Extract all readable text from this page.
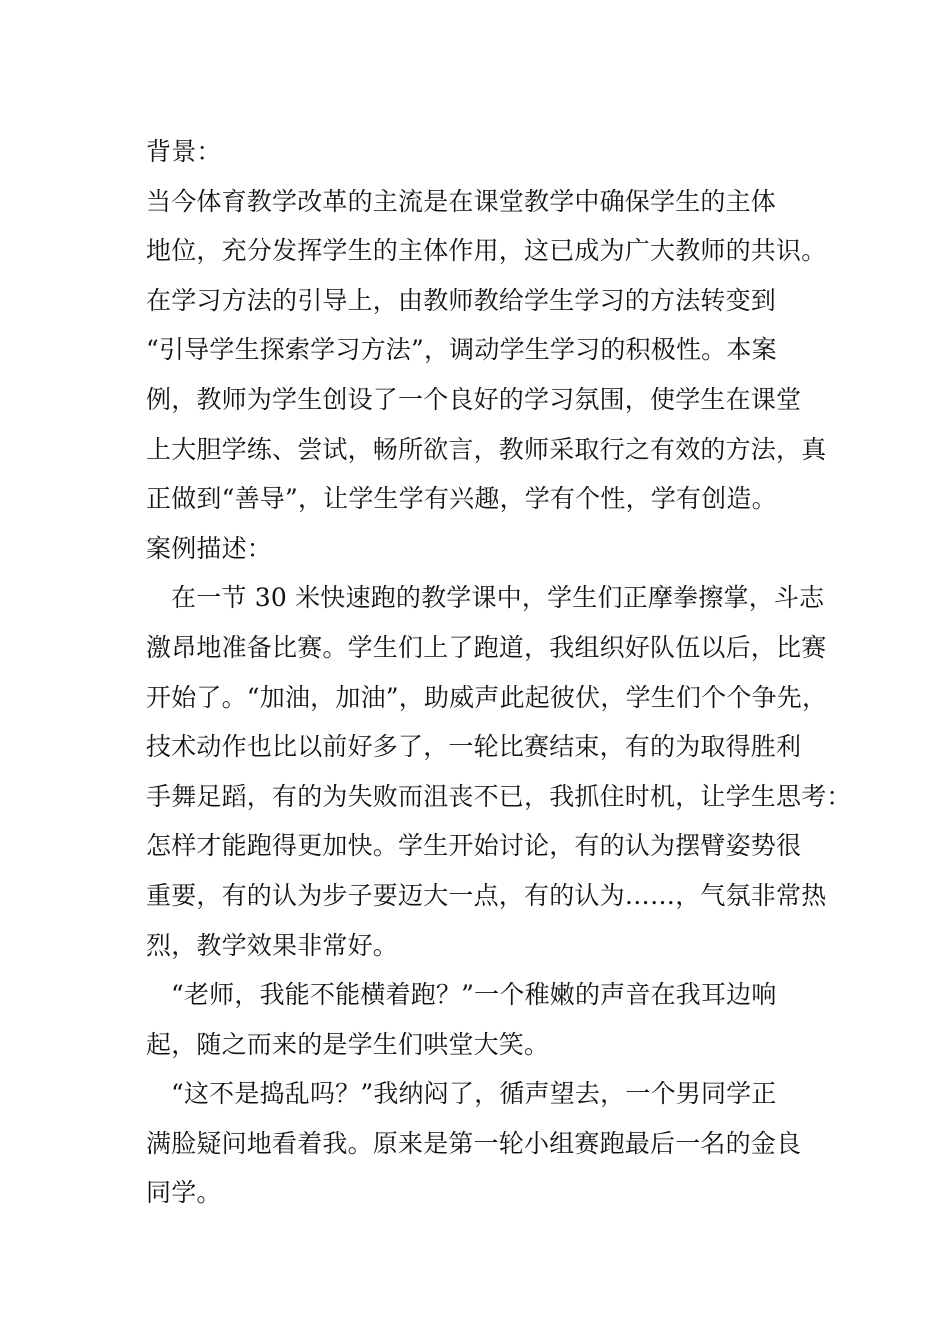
背景：
当今体育教学改革的主流是在课堂教学中确保学生的主体
地位，充分发挥学生的主体作用，这已成为广大教师的共识。
在学习方法的引导上，由教师教给学生学习的方法转变到
“引导学生探索学习方法”，调动学生学习的积极性。本案
例，教师为学生创设了一个良好的学习氛围，使学生在课堂
上大胆学练、尝试，畅所欲言，教师采取行之有效的方法，真
正做到“善导”，让学生学有兴趣，学有个性，学有创造。
案例描述：
在一节 30 米快速跑的教学课中，学生们正摩拳擦掌，斗志
激昂地准备比赛。学生们上了跑道，我组织好队伍以后，比赛
开始了。“加油，加油”，助威声此起彼伏，学生们个个争先，
技术动作也比以前好多了，一轮比赛结束，有的为取得胜利
手舞足蹈，有的为失败而沮丧不已，我抓住时机，让学生思考：
怎样才能跑得更加快。学生开始讨论，有的认为摆臂姿势很
重要，有的认为步子要迈大一点，有的认为……，气氛非常热
烈，教学效果非常好。
“老师，我能不能横着跑？”一个稚嫩的声音在我耳边响
起，随之而来的是学生们哄堂大笑。
“这不是捣乱吗？”我纳闷了，循声望去，一个男同学正
满脸疑问地看着我。原来是第一轮小组赛跑最后一名的金良
同学。
